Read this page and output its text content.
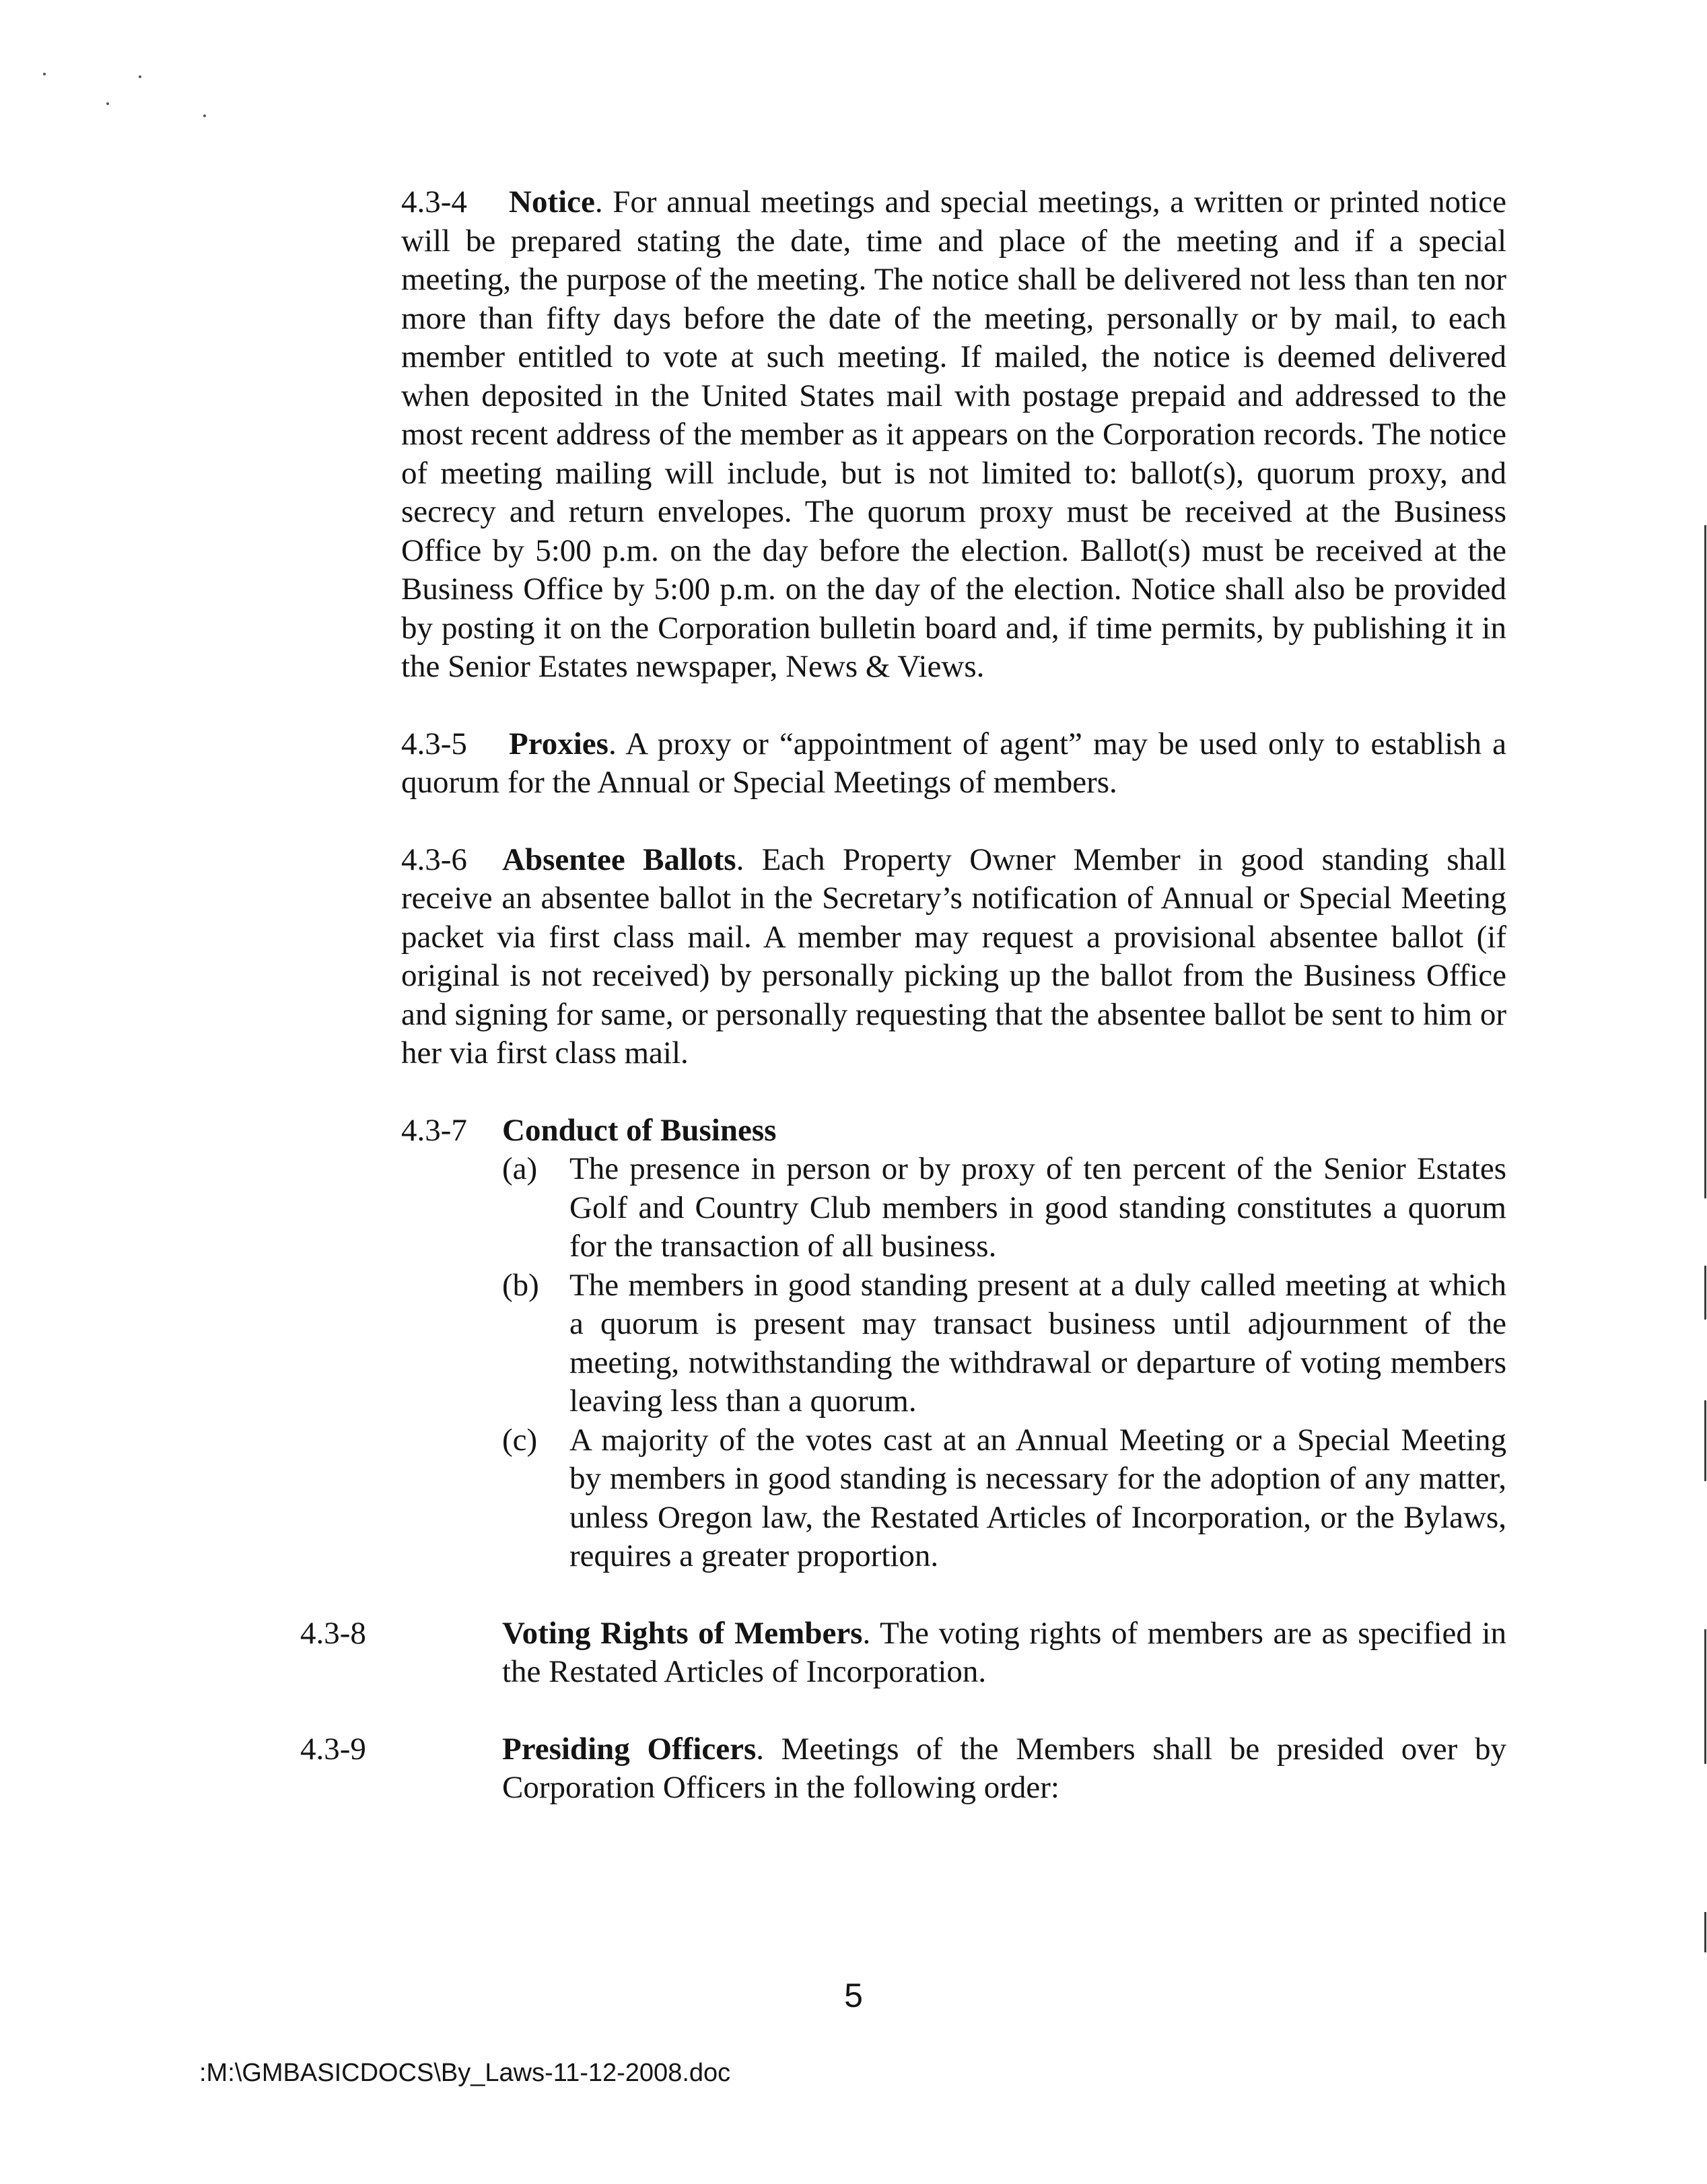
4.3-4 Notice. For annual meetings and special meetings, a written or printed notice will be prepared stating the date, time and place of the meeting and if a special meeting, the purpose of the meeting. The notice shall be delivered not less than ten nor more than fifty days before the date of the meeting, personally or by mail, to each member entitled to vote at such meeting. If mailed, the notice is deemed delivered when deposited in the United States mail with postage prepaid and addressed to the most recent address of the member as it appears on the Corporation records. The notice of meeting mailing will include, but is not limited to: ballot(s), quorum proxy, and secrecy and return envelopes. The quorum proxy must be received at the Business Office by 5:00 p.m. on the day before the election. Ballot(s) must be received at the Business Office by 5:00 p.m. on the day of the election. Notice shall also be provided by posting it on the Corporation bulletin board and, if time permits, by publishing it in the Senior Estates newspaper, News & Views.

4.3-5 Proxies. A proxy or “appointment of agent” may be used only to establish a quorum for the Annual or Special Meetings of members.

4.3-6 Absentee Ballots. Each Property Owner Member in good standing shall receive an absentee ballot in the Secretary’s notification of Annual or Special Meeting packet via first class mail. A member may request a provisional absentee ballot (if original is not received) by personally picking up the ballot from the Business Office and signing for same, or personally requesting that the absentee ballot be sent to him or her via first class mail.

4.3-7 Conduct of Business

(a) The presence in person or by proxy of ten percent of the Senior Estates Golf and Country Club members in good standing constitutes a quorum for the transaction of all business.
(b) The members in good standing present at a duly called meeting at which a quorum is present may transact business until adjournment of the meeting, notwithstanding the withdrawal or departure of voting members leaving less than a quorum.
(c) A majority of the votes cast at an Annual Meeting or a Special Meeting by members in good standing is necessary for the adoption of any matter, unless Oregon law, the Restated Articles of Incorporation, or the Bylaws, requires a greater proportion.

4.3-8	Voting Rights of Members. The voting rights of members are as specified in the Restated Articles of Incorporation.

4.3-9	Presiding Officers. Meetings of the Members shall be presided over by Corporation Officers in the following order:

5
:M:\GMBASICDOCS\By_Laws-11-12-2008.doc
